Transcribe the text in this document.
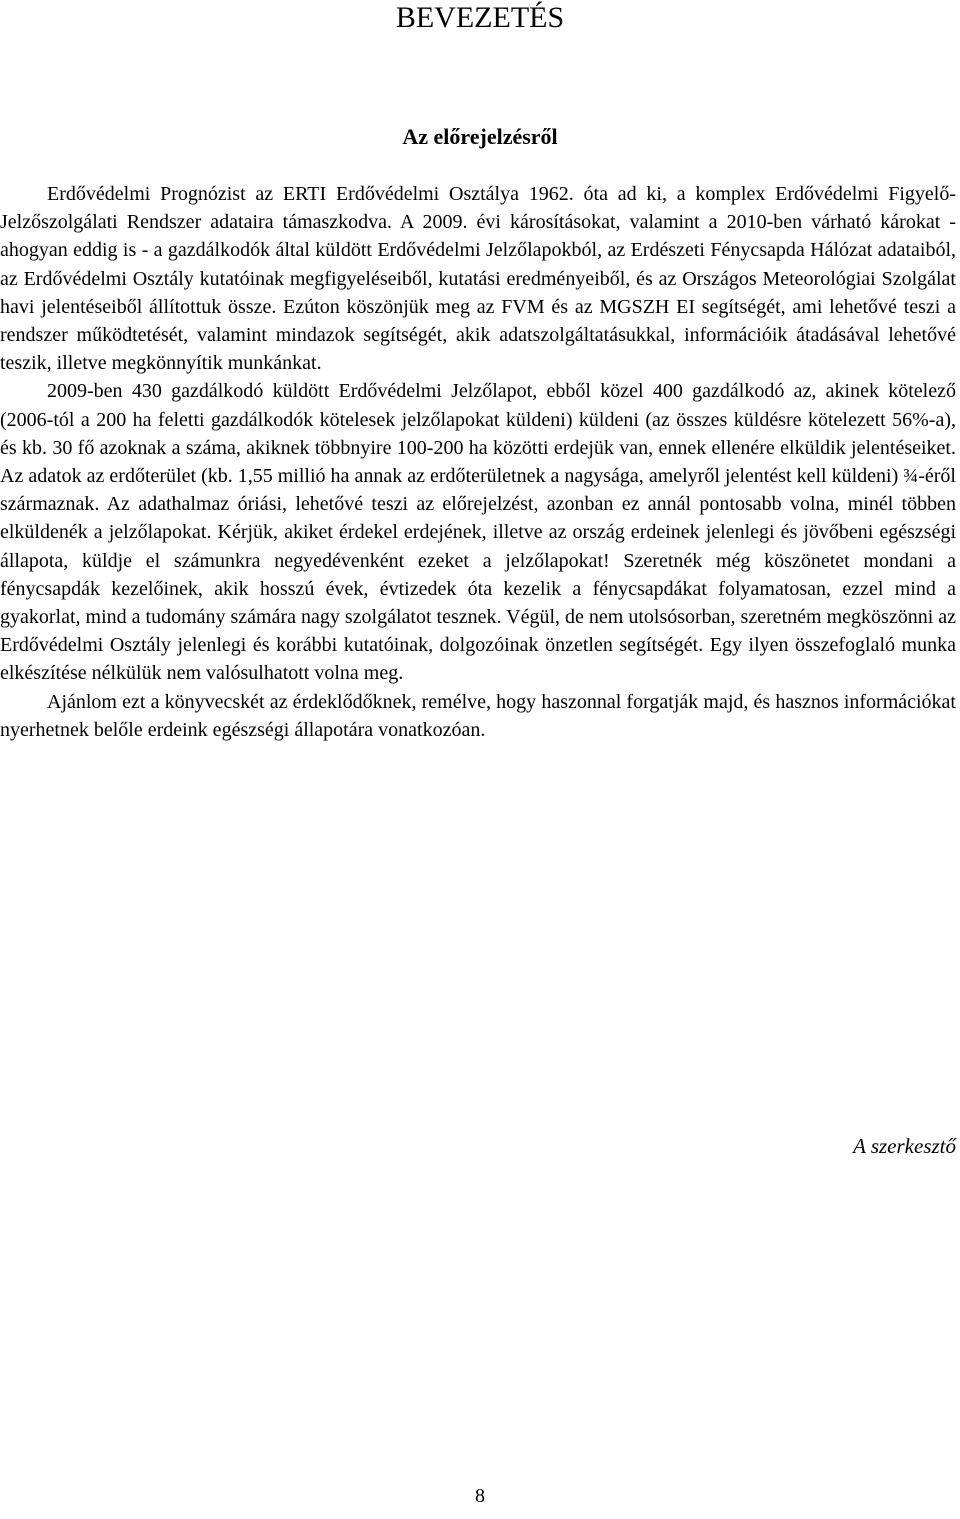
BEVEZETÉS
Az előrejelzésről

Erdővédelmi Prognózist az ERTI Erdővédelmi Osztálya 1962. óta ad ki, a komplex Erdővédelmi Figyelő-Jelzőszolgálati Rendszer adataira támaszkodva. A 2009. évi károsításokat, valamint a 2010-ben várható károkat - ahogyan eddig is - a gazdálkodók által küldött Erdővédelmi Jelzőlapokból, az Erdészeti Fénycsapda Hálózat adataiból, az Erdővédelmi Osztály kutatóinak megfigyeléseiből, kutatási eredményeiből, és az Országos Meteorológiai Szolgálat havi jelentéseiből állítottuk össze. Ezúton köszönjük meg az FVM és az MGSZH EI segítségét, ami lehetővé teszi a rendszer működtetését, valamint mindazok segítségét, akik adatszolgáltatásukkal, információik átadásával lehetővé teszik, illetve megkönnyítik munkánkat.

2009-ben 430 gazdálkodó küldött Erdővédelmi Jelzőlapot, ebből közel 400 gazdálkodó az, akinek kötelező (2006-tól a 200 ha feletti gazdálkodók kötelesek jelzőlapokat küldeni) küldeni (az összes küldésre kötelezett 56%-a), és kb. 30 fő azoknak a száma, akiknek többnyire 100-200 ha közötti erdejük van, ennek ellenére elküldik jelentéseiket. Az adatok az erdőterület (kb. 1,55 millió ha annak az erdőterületnek a nagysága, amelyről jelentést kell küldeni) ¾-éről származnak. Az adathalmaz óriási, lehetővé teszi az előrejelzést, azonban ez annál pontosabb volna, minél többen elküldenék a jelzőlapokat. Kérjük, akiket érdekel erdejének, illetve az ország erdeinek jelenlegi és jövőbeni egészségi állapota, küldje el számunkra negyedévenként ezeket a jelzőlapokat! Szeretnék még köszönetet mondani a fénycsapdák kezelőinek, akik hosszú évek, évtizedek óta kezelik a fénycsapdákat folyamatosan, ezzel mind a gyakorlat, mind a tudomány számára nagy szolgálatot tesznek. Végül, de nem utolsósorban, szeretném megköszönni az Erdővédelmi Osztály jelenlegi és korábbi kutatóinak, dolgozóinak önzetlen segítségét. Egy ilyen összefoglaló munka elkészítése nélkülük nem valósulhatott volna meg.

Ajánlom ezt a könyvecskét az érdeklődőknek, remélve, hogy haszonnal forgatják majd, és hasznos információkat nyerhetnek belőle erdeink egészségi állapotára vonatkozóan.

A szerkesztő
8
